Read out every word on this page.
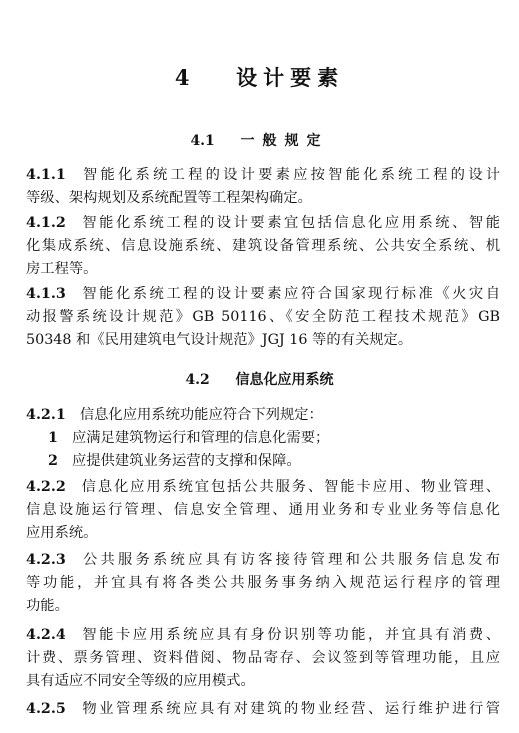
4 设计要素
4.1 一般规定
4.1.1 智能化系统工程的设计要素应按智能化系统工程的设计
等级、架构规划及系统配置等工程架构确定。
4.1.2 智能化系统工程的设计要素宜包括信息化应用系统、智能
化集成系统、信息设施系统、建筑设备管理系统、公共安全系统、机
房工程等。
4.1.3 智能化系统工程的设计要素应符合国家现行标准《火灾自
动报警系统设计规范》GB 50116、《安全防范工程技术规范》GB
50348 和《民用建筑电气设计规范》JGJ 16 等的有关规定。
4.2 信息化应用系统
4.2.1 信息化应用系统功能应符合下列规定：
1 应满足建筑物运行和管理的信息化需要；
2 应提供建筑业务运营的支撑和保障。
4.2.2 信息化应用系统宜包括公共服务、智能卡应用、物业管理、
信息设施运行管理、信息安全管理、通用业务和专业业务等信息化
应用系统。
4.2.3 公共服务系统应具有访客接待管理和公共服务信息发布
等功能，并宜具有将各类公共服务事务纳入规范运行程序的管理
功能。
4.2.4 智能卡应用系统应具有身份识别等功能，并宜具有消费、
计费、票务管理、资料借阅、物品寄存、会议签到等管理功能，且应
具有适应不同安全等级的应用模式。
4.2.5 物业管理系统应具有对建筑的物业经营、运行维护进行管
